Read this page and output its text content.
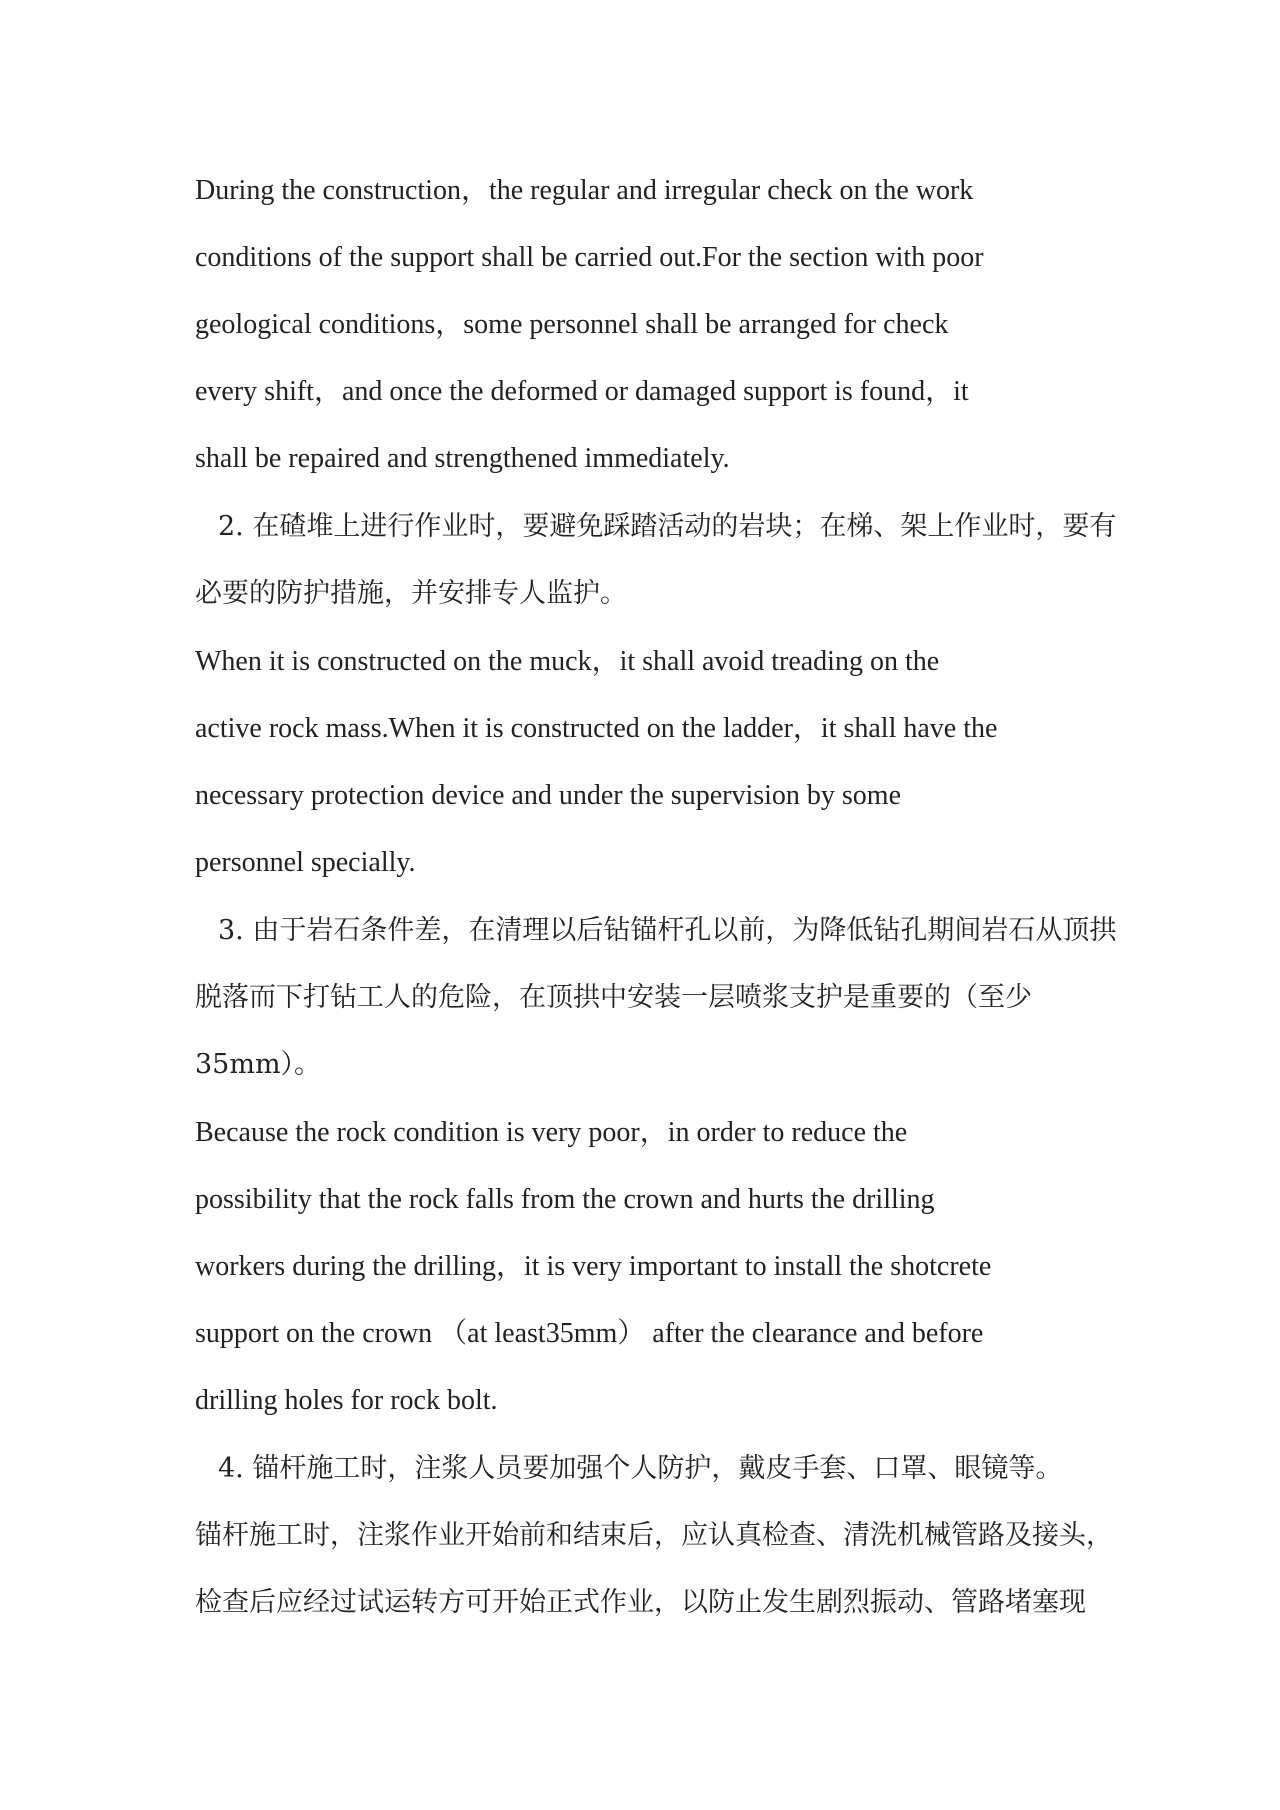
During the construction，the regular and irregular check on the work
conditions of the support shall be carried out.For the section with poor
geological conditions，some personnel shall be arranged for check
every shift，and once the deformed or damaged support is found，it
shall be repaired and strengthened immediately.
2. 在碴堆上进行作业时，要避免踩踏活动的岩块；在梯、架上作业时，要有
必要的防护措施，并安排专人监护。
When it is constructed on the muck，it shall avoid treading on the
active rock mass.When it is constructed on the ladder，it shall have the
necessary protection device and under the supervision by some
personnel specially.
3. 由于岩石条件差，在清理以后钻锚杆孔以前，为降低钻孔期间岩石从顶拱
脱落而下打钻工人的危险，在顶拱中安装一层喷浆支护是重要的（至少
35mm）。
Because the rock condition is very poor，in order to reduce the
possibility that the rock falls from the crown and hurts the drilling
workers during the drilling，it is very important to install the shotcrete
support on the crown （at least35mm） after the clearance and before
drilling holes for rock bolt.
4. 锚杆施工时，注浆人员要加强个人防护，戴皮手套、口罩、眼镜等。
锚杆施工时，注浆作业开始前和结束后，应认真检查、清洗机械管路及接头，
检查后应经过试运转方可开始正式作业，以防止发生剧烈振动、管路堵塞现
